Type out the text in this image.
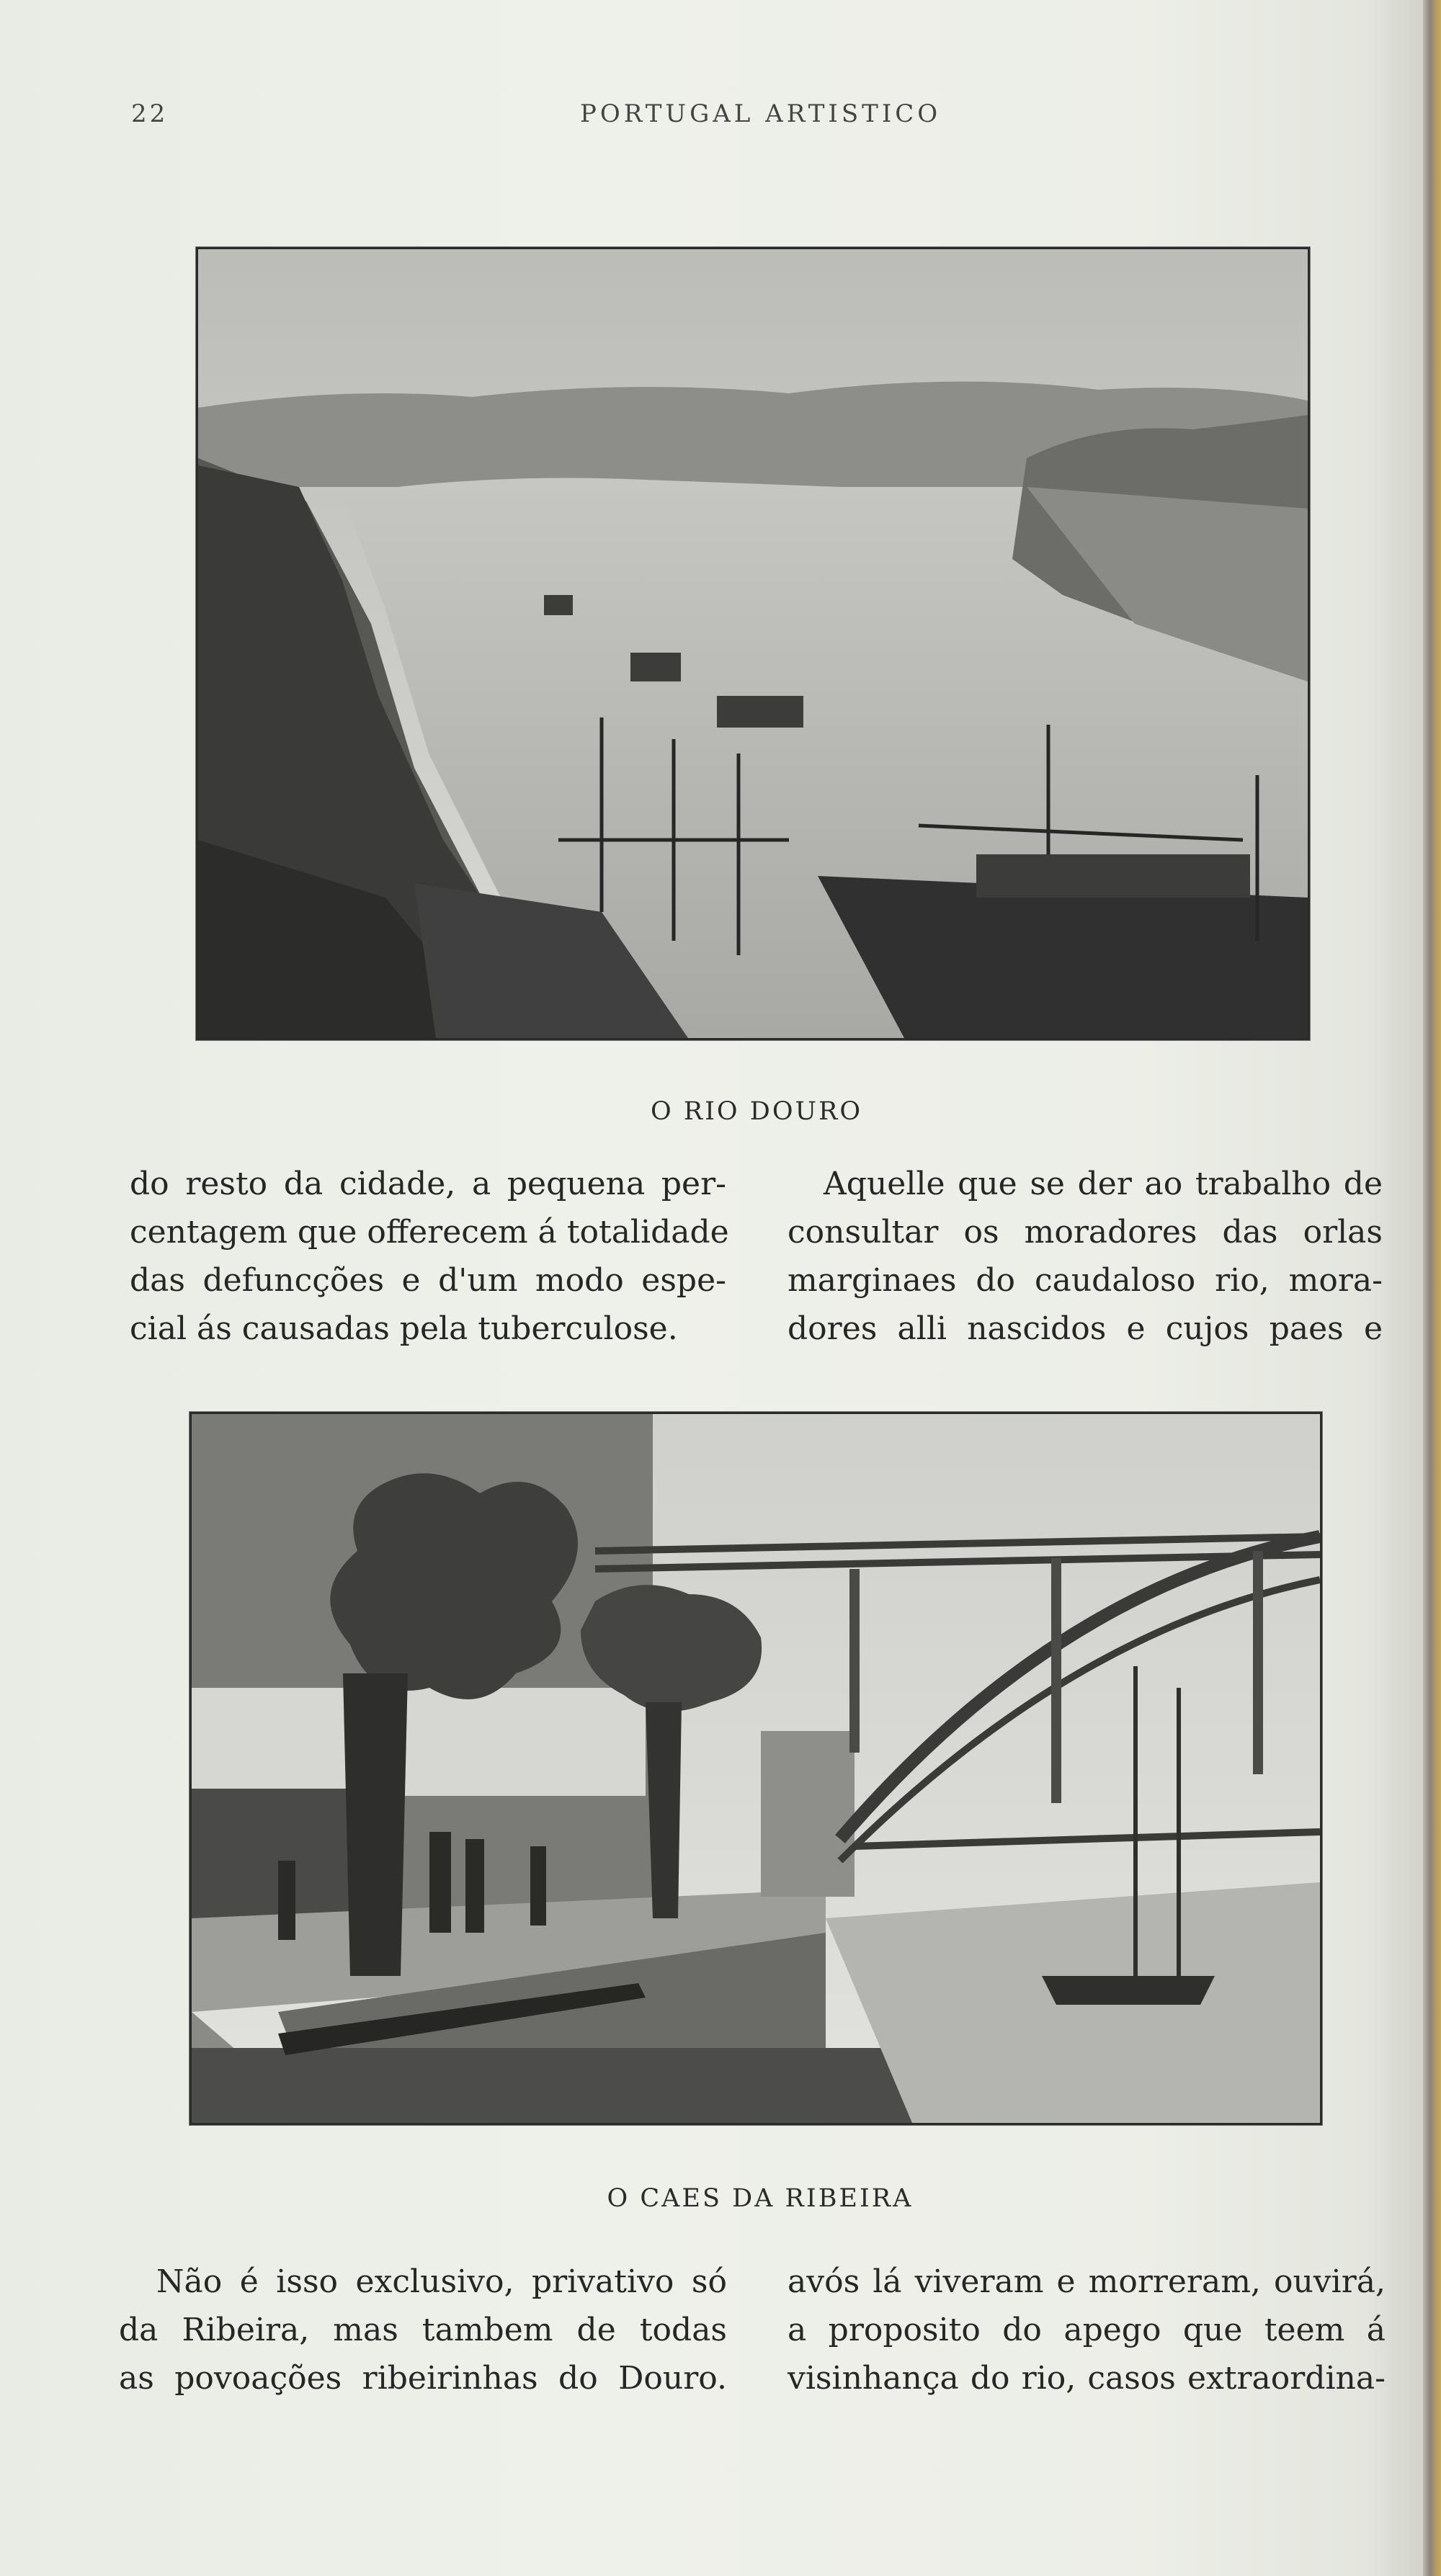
22	PORTUGAL ARTISTICO
O RIO DOURO
do resto da cidade, a pequena per-
centagem que offerecem á totalidade
das defuncções e d'um modo espe-
cial ás causadas pela tuberculose.
Aquelle que se der ao trabalho de
consultar os moradores das orlas
marginaes do caudaloso rio, mora-
dores alli nascidos e cujos paes e
O CAES DA RIBEIRA
Não é isso exclusivo, privativo só
da Ribeira, mas tambem de todas
as povoações ribeirinhas do Douro.
avós lá viveram e morreram, ouvirá,
a proposito do apego que teem á
visinhança do rio, casos extraordina-
